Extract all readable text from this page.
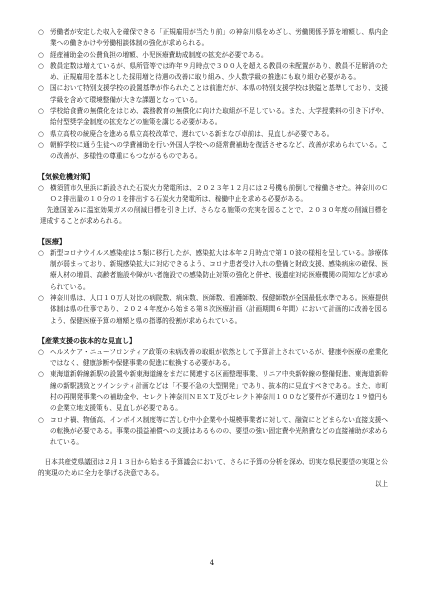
○ 労働者が安定した収入を確保できる「正規雇用が当たり前」の神奈川県をめざし、労働関係予算を増額し、県内企業への働きかけや労働相談体制の強化が求められる。

○ 経産補助金の公費負担の増額、小児医療費助成制度の拡充が必要である。

○ 教員定数は増えているが、県所管等では昨年９月時点で３００人を超える教員の未配置があり、教員不足解消のため、正規雇用を基本とした採用増と待遇の改善に取り組み、少人数学級の推進にも取り組む必要がある。

○ 国において特別支援学校の設置基準が作られたことは前進だが、本県の特別支援学校は狭隘と基準しており、支援学級を含めて環境整備が大きな課題となっている。

○ 学校給食費の無償化をはじめ、義務教育の無償化に向けた取組が不足している。また、大学授業料の引き下げや、給付型奨学金制度の拡充などの施策を講じる必要がある。

○ 県立高校の統廃合を進める県立高校改革で、遅れている新まなび卓前は、見直しが必要である。

○ 朝鮮学校に通う生徒への学費補助を行い外国人学校への経常費補助を復活させるなど、改善が求められている。この改善が、多様性の尊重にもつながるものである。

【気候危機対策】

○ 横須賀市久里浜に新設された石炭火力発電所は、２０２３年１２月には２号機も前倒しで稼働させた。神奈川のＣＯ２排出量の１０分の１を排出する石炭火力発電所は、稼働中止を求める必要がある。

先進国並みに温室効果ガスの削減目標を引き上げ、さらなる施策の充実を図ることで、２０３０年度の削減目標を達成することが求められる。

【医療】

○ 新型コロナウイルス感染症は５類に移行したが、感染拡大は本年２月時点で第１０波の様相を呈している。診療体制が弱まっており、新規感染拡大に対応できるよう、コロナ患者受け入れの整備と財政支援、感染病床の確保、医療人材の増員、高齢者施設や障がい者施設での感染防止対策の強化と併せ、後遺症対応医療機関の周知などが求められている。

○ 神奈川県は、人口１０万人対比の病院数、病床数、医師数、看護師数、保健師数が全国最低水準である。医療提供体制は県の仕事であり、２０２４年度から始まる第８次医療計画（計画期間６年間）において計画的に改善を図るよう、保健医療予算の増額と県の指導的役割が求められている。

【産業支援の抜本的な見直し】

○ ヘルスケア・ニューフロンティア政策の未病改善の取組が依然として予算計上されているが、健康や医療の産業化ではなく、健康診断や保健事業の促進に転換する必要がある。

○ 東海道新幹線新駅の設置や新東海道線をまだに関連する区画整理事業、リニア中央新幹線の整備促進、東海道新幹線の新駅誘致とツインシティ計画などは「不要不急の大型開発」であり、抜本的に見直すべきである。また、市町村の再開発事業への補助金や、セレクト神奈川ＮＥＸＴ及びセレクト神奈川１００など要件が不適切な１９億円もの企業立地支援策も、見直しが必要である。

○ コロナ禍、物価高、インボイス制度等に苦しむ中小企業や小規模事業者に対して、融資にとどまらない直接支援への転換が必要である。事業の損益補償への支援はあるものの、要望の強い固定費や光熱費などの直接補助が求められている。

日本共産党県議団は２月１３日から始まる予算議会において、さらに予算の分析を深め、切実な県民要望の実現と公的実現のために全力を挙げる決意である。

以上

4
